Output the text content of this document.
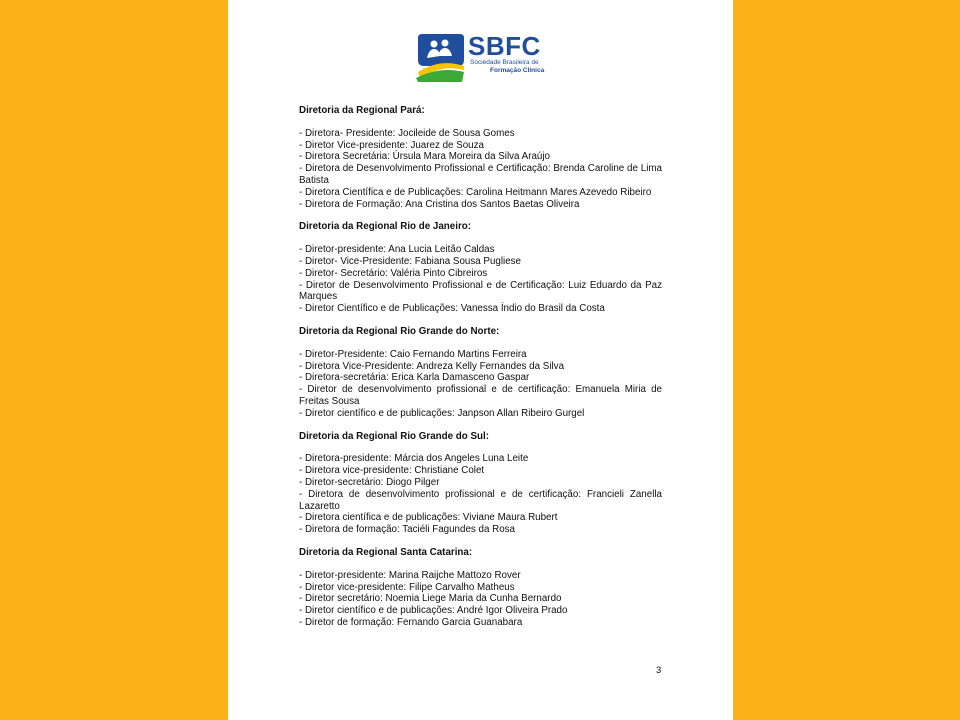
SBFC
Sociedade Brasileira de
Formação Clínica
Diretoria da Regional Pará:
- Diretora- Presidente: Jocileide de Sousa Gomes
- Diretor Vice-presidente: Juarez de Souza
- Diretora Secretária: Úrsula Mara Moreira da Silva Araújo
- Diretora de Desenvolvimento Profissional e Certificação: Brenda Caroline de Lima Batista
- Diretora Científica e de Publicações: Carolina Heitmann Mares Azevedo Ribeiro
- Diretora de Formação: Ana Cristina dos Santos Baetas Oliveira
Diretoria da Regional Rio de Janeiro:
- Diretor-presidente: Ana Lucia Leitão Caldas
- Diretor- Vice-Presidente: Fabiana Sousa Pugliese
- Diretor- Secretário: Valéria Pinto Cibreiros
- Diretor de Desenvolvimento Profissional e de Certificação: Luiz Eduardo da Paz Marques
- Diretor Científico e de Publicações: Vanessa Índio do Brasil da Costa
Diretoria da Regional Rio Grande do Norte:
- Diretor-Presidente: Caio Fernando Martins Ferreira
- Diretora Vice-Presidente: Andreza Kelly Fernandes da Silva
- Diretora-secretária: Erica Karla Damasceno Gaspar
- Diretor de desenvolvimento profissional e de certificação: Emanuela Miria de Freitas Sousa
- Diretor científico e de publicações: Janpson Allan Ribeiro Gurgel
Diretoria da Regional Rio Grande do Sul:
- Diretora-presidente: Márcia dos Angeles Luna Leite
- Diretora vice-presidente: Christiane Colet
- Diretor-secretário: Diogo Pilger
- Diretora de desenvolvimento profissional e de certificação: Francieli Zanella Lazaretto
- Diretora científica e de publicações: Viviane Maura Rubert
- Diretora de formação: Taciéli Fagundes da Rosa
Diretoria da Regional Santa Catarina:
- Diretor-presidente: Marina Raijche Mattozo Rover
- Diretor vice-presidente: Filipe Carvalho Matheus
- Diretor secretário: Noemia Liege Maria da Cunha Bernardo
- Diretor científico e de publicações: André Igor Oliveira Prado
- Diretor de formação: Fernando Garcia Guanabara
3
